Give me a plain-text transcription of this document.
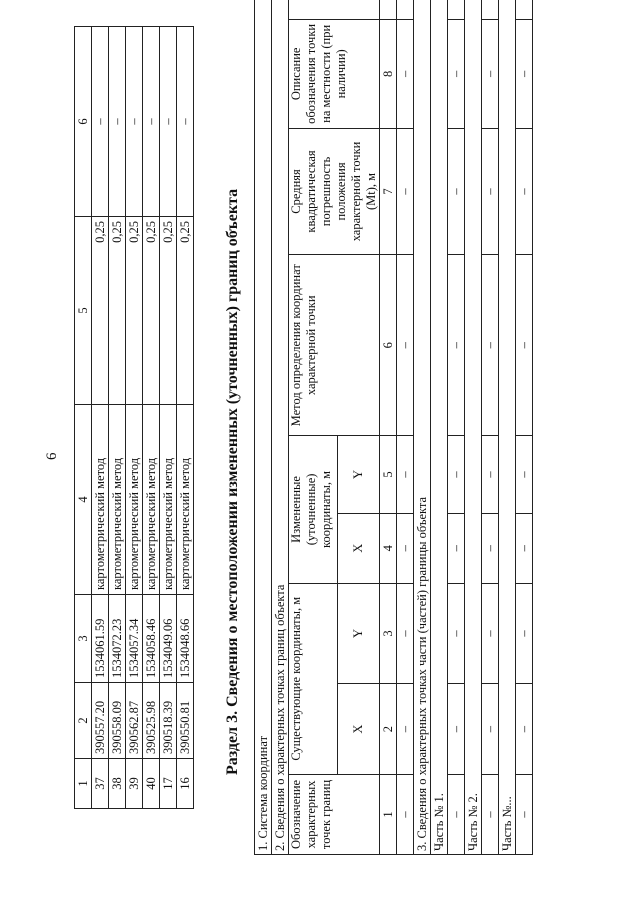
6
1	2	3	4	5	6
37	390557.20	1534061.59	картометрический метод	0,25	–
38	390558.09	1534072.23	картометрический метод	0,25	–
39	390562.87	1534057.34	картометрический метод	0,25	–
40	390525.98	1534058.46	картометрический метод	0,25	–
17	390518.39	1534049.06	картометрический метод	0,25	–
16	390550.81	1534048.66	картометрический метод	0,25	–
Раздел 3. Сведения о местоположении измененных (уточненных) границ объекта
1. Система координат								
2. Сведения о характерных точках границ объекта								
Обозначение характерных точек границ	Существующие координаты, м		Измененные (уточненные) координаты, м		Метод определения координат характерной точки	Средняя квадратическая погрешность положения характерной точки (Mt), м	Описание обозначения точки на местности (при наличии)	
	X	Y	X	Y				
1	2	3	4	5	6	7	8	
–	–	–	–	–	–	–	–	
3. Сведения о характерных точках части (частей) границы объекта								
Часть № 1.								
–	–	–	–	–	–	–	–	
Часть № 2.								
–	–	–	–	–	–	–	–	
Часть №...								
–	–	–	–	–	–	–	–	
